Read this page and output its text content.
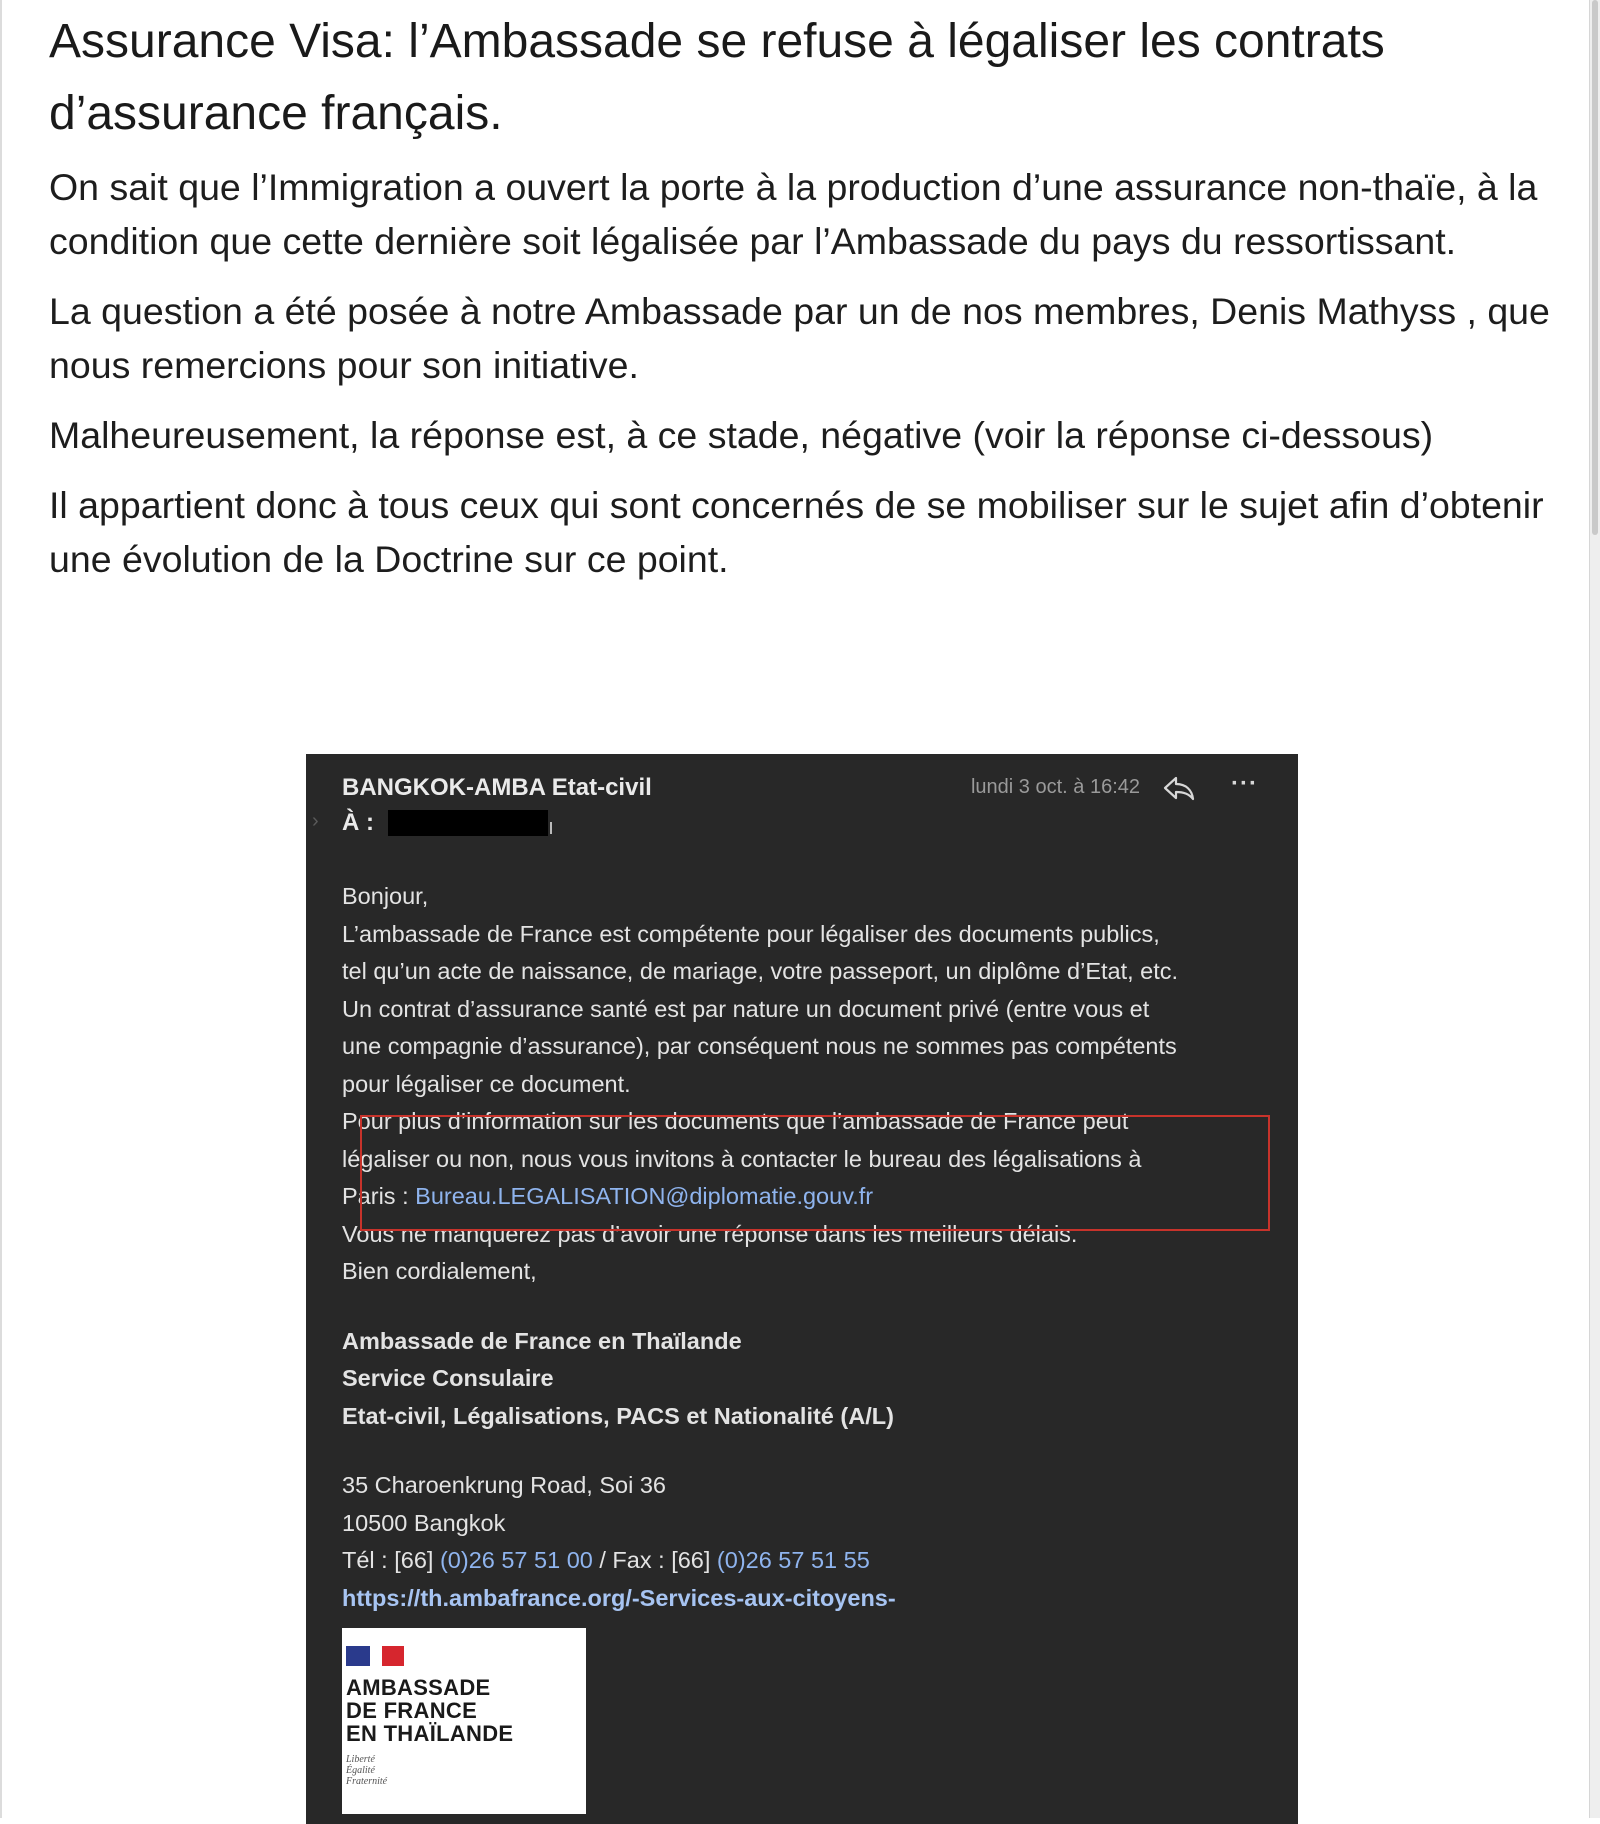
Assurance Visa: l’Ambassade se refuse à légaliser les contrats d’assurance français.

On sait que l’Immigration a ouvert la porte à la production d’une assurance non-thaïe, à la condition que cette dernière soit légalisée par l’Ambassade du pays du ressortissant.

La question a été posée à notre Ambassade par un de nos membres, Denis Mathyss , que nous remercions pour son initiative.

Malheureusement, la réponse est, à ce stade, négative (voir la réponse ci-dessous)

Il appartient donc à tous ceux qui sont concernés de se mobiliser sur le sujet afin d’obtenir une évolution de la Doctrine sur ce point.

›
BANGKOK-AMBA Etat-civil
À :
lundi 3 oct. à 16:42	···
Bonjour,
L’ambassade de France est compétente pour légaliser des documents publics,
tel qu’un acte de naissance, de mariage, votre passeport, un diplôme d’Etat, etc.
Un contrat d’assurance santé est par nature un document privé (entre vous et
une compagnie d’assurance), par conséquent nous ne sommes pas compétents
pour légaliser ce document.
Pour plus d’information sur les documents que l’ambassade de France peut
légaliser ou non, nous vous invitons à contacter le bureau des légalisations à
Paris : Bureau.LEGALISATION@diplomatie.gouv.fr
Vous ne manquerez pas d’avoir une réponse dans les meilleurs délais.
Bien cordialement,
Ambassade de France en Thaïlande
Service Consulaire
Etat-civil, Légalisations, PACS et Nationalité (A/L)
35 Charoenkrung Road, Soi 36
10500 Bangkok
Tél : [66] (0)26 57 51 00 / Fax : [66] (0)26 57 51 55
https://th.ambafrance.org/-Services-aux-citoyens-
AMBASSADE
DE FRANCE
EN THAÏLANDE
Liberté
Égalité
Fraternité
